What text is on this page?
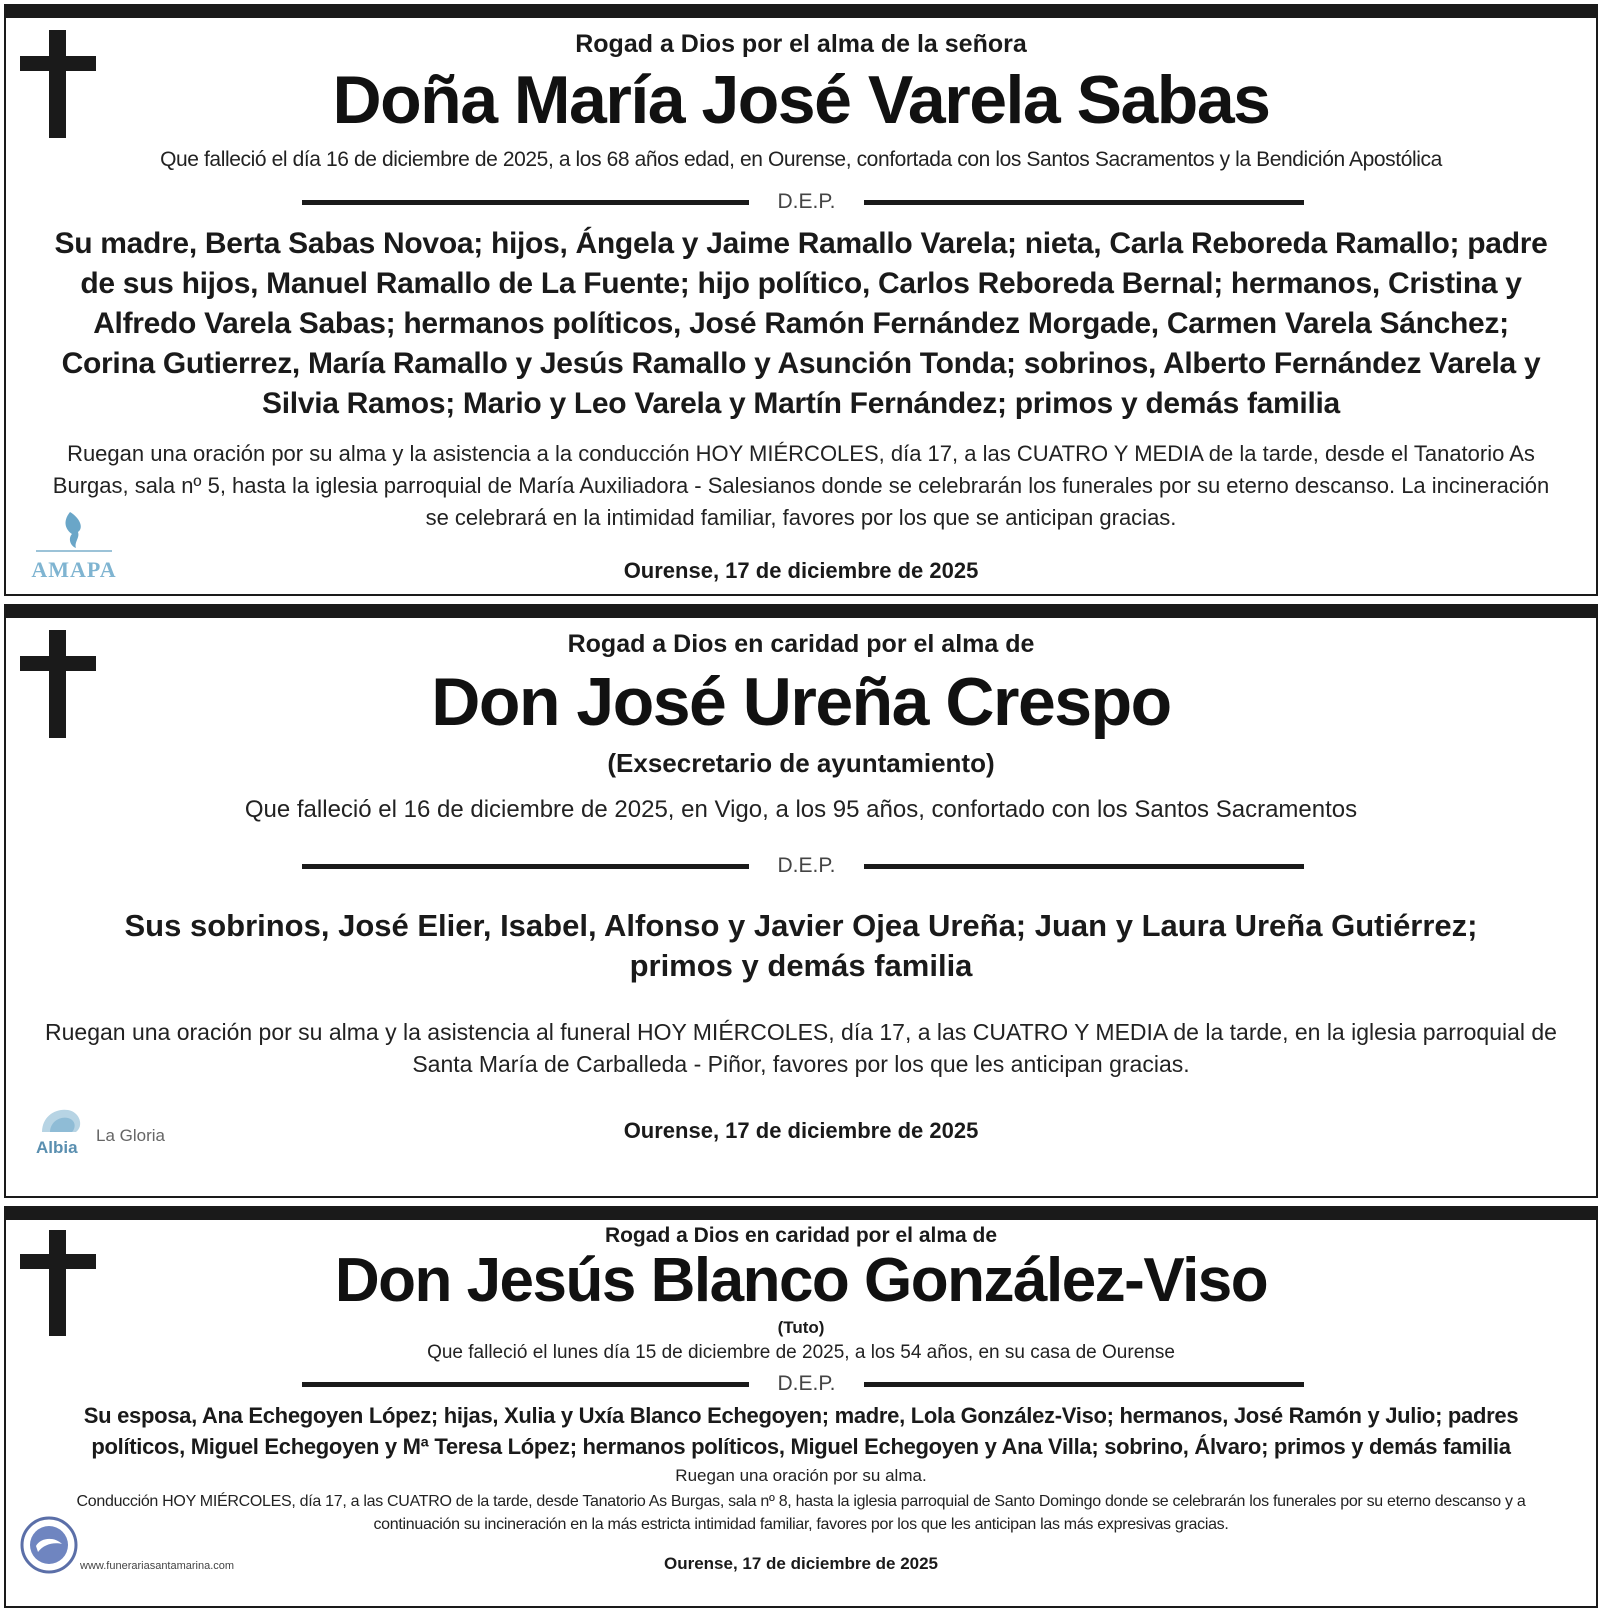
Rogad a Dios por el alma de la señora
Doña María José Varela Sabas
Que falleció el día 16 de diciembre de 2025, a los 68 años edad, en Ourense, confortada con los Santos Sacramentos y la Bendición Apostólica
D.E.P.
Su madre, Berta Sabas Novoa; hijos, Ángela y Jaime Ramallo Varela; nieta, Carla Reboreda Ramallo; padre de sus hijos, Manuel Ramallo de La Fuente; hijo político, Carlos Reboreda Bernal; hermanos, Cristina y Alfredo Varela Sabas; hermanos políticos, José Ramón Fernández Morgade, Carmen Varela Sánchez; Corina Gutierrez, María Ramallo y Jesús Ramallo y Asunción Tonda; sobrinos, Alberto Fernández Varela y Silvia Ramos; Mario y Leo Varela y Martín Fernández; primos y demás familia
Ruegan una oración por su alma y la asistencia a la conducción HOY MIÉRCOLES, día 17, a las CUATRO Y MEDIA de la tarde, desde el Tanatorio As Burgas, sala nº 5, hasta la iglesia parroquial de María Auxiliadora - Salesianos donde se celebrarán los funerales por su eterno descanso. La incineración se celebrará en la intimidad familiar, favores por los que se anticipan gracias.
AMAPA	Ourense, 17 de diciembre de 2025
Rogad a Dios en caridad por el alma de
Don José Ureña Crespo
(Exsecretario de ayuntamiento)
Que falleció el 16 de diciembre de 2025, en Vigo, a los 95 años, confortado con los Santos Sacramentos
D.E.P.
Sus sobrinos, José Elier, Isabel, Alfonso y Javier Ojea Ureña; Juan y Laura Ureña Gutiérrez; primos y demás familia
Ruegan una oración por su alma y la asistencia al funeral HOY MIÉRCOLES, día 17, a las CUATRO Y MEDIA de la tarde, en la iglesia parroquial de Santa María de Carballeda - Piñor, favores por los que les anticipan gracias.
Albia
La Gloria	Ourense, 17 de diciembre de 2025
Rogad a Dios en caridad por el alma de
Don Jesús Blanco González-Viso
(Tuto)
Que falleció el lunes día 15 de diciembre de 2025, a los 54 años, en su casa de Ourense
D.E.P.
Su esposa, Ana Echegoyen López; hijas, Xulia y Uxía Blanco Echegoyen; madre, Lola González-Viso; hermanos, José Ramón y Julio; padres políticos, Miguel Echegoyen y Mª Teresa López; hermanos políticos, Miguel Echegoyen y Ana Villa; sobrino, Álvaro; primos y demás familia
Ruegan una oración por su alma.
Conducción HOY MIÉRCOLES, día 17, a las CUATRO de la tarde, desde Tanatorio As Burgas, sala nº 8, hasta la iglesia parroquial de Santo Domingo donde se celebrarán los funerales por su eterno descanso y a continuación su incineración en la más estricta intimidad familiar, favores por los que les anticipan las más expresivas gracias.
www.funerariasantamarina.com	Ourense, 17 de diciembre de 2025
